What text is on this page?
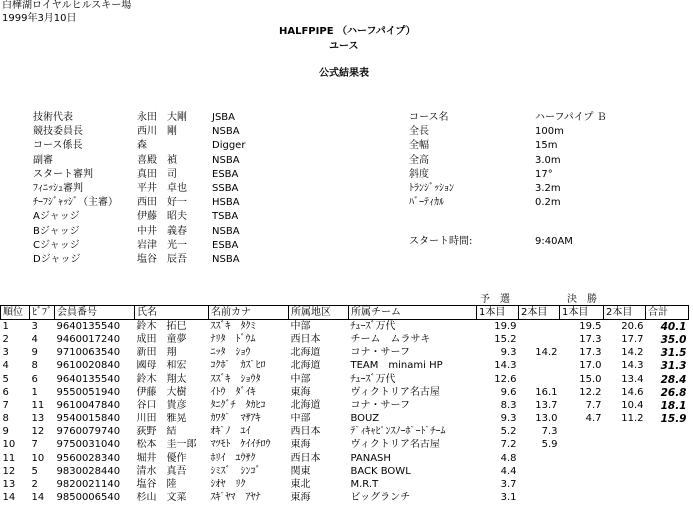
白樺湖ロイヤルヒルスキー場
1999年3月10日
HALFPIPE （ハーフパイプ）
ユース
公式結果表
技術代表	永田　大剛	JSBA
競技委員長	西川　剛	NSBA
コース係長	森	Digger
副審	喜殿　禎	NSBA
スタート審判	真田　司	ESBA
ﾌｨﾆｯｼｭ審判	平井　卓也	SSBA
ﾁｰﾌｼﾞｬｯｼﾞ（主審） 西田　好一	HSBA
Aジャッジ	伊藤　昭夫	TSBA
Bジャッジ	中井　義春	NSBA
Cジャッジ	岩津　光一	ESBA
Dジャッジ	塩谷　辰吾	NSBA
コース名	ハーフパイプ Ｂ
全長	100m
全幅	15m
全高	3.0m
斜度	17°
ﾄﾗﾝｼﾞｯｼｮﾝ	3.2m
ﾊﾞｰﾃｨｶﾙ	0.2m
スタート時間:	9:40AM
予　選	決　勝
順位	ﾋﾞﾌﾞ	会員番号	氏名	名前カナ	所属地区	所属チーム	1本目	2本目	1本目	2本目	合計
1	3	9640135540	鈴木　拓巳	ｽｽﾞｷ　ﾀｸﾐ	中部	ﾁｭｰｽﾞ万代	19.9		19.5	20.6	40.1
2	4	9460017240	成田　童夢	ﾅﾘﾀ　ﾄﾞｳﾑ	西日本	チーム　ムラサキ	15.2		17.3	17.7	35.0
3	9	9710063540	新田　翔	ﾆｯﾀ　ｼｮｳ	北海道	コナ・サーフ	9.3	14.2	17.3	14.2	31.5
4	8	9610020840	國母　和宏	ｺｸﾎﾞ　ｶｽﾞﾋﾛ	北海道	TEAM　minami HP	14.3		17.0	14.3	31.3
5	6	9640135540	鈴木　翔太	ｽｽﾞｷ　ｼｮｳﾀ	中部	ﾁｭｰｽﾞ万代	12.6		15.0	13.4	28.4
6	1	9550051940	伊藤　大樹	ｲﾄｳ　ﾀﾞｲｷ	東海	ヴィクトリア名古屋	9.6	16.1	12.2	14.6	26.8
7	11	9610047840	谷口　貴彦	ﾀﾆｸﾞﾁ　ﾀｶﾋｺ	北海道	コナ・サーフ	8.3	13.7	7.7	10.4	18.1
8	13	9540015840	川田　雅晃	ｶﾜﾀﾞ　ﾏｻｱｷ	中部	BOUZ	9.3	13.0	4.7	11.2	15.9
9	12	9760079740	荻野　結	ｵｷﾞﾉ　ﾕｲ	西日本	ﾃﾞｨｷｬﾋﾟﾝｽﾉｰﾎﾞｰﾄﾞﾁｰﾑ	5.2	7.3			
10	7	9750031040	松本　圭一郎	ﾏﾂﾓﾄ　ｹｲｲﾁﾛｳ	東海	ヴィクトリア名古屋	7.2	5.9			
11	10	9560028340	堀井　優作	ﾎﾘｲ　ﾕｳｻｸ	西日本	PANASH	4.8				
12	5	9830028440	清水　真吾	ｼﾐｽﾞ　ｼﾝｺﾞ	関東	BACK BOWL	4.4				
13	2	9820021140	塩谷　陸	ｼｵﾔ　ﾘｸ	東北	M.R.T	3.7				
14	14	9850006540	杉山　文菜	ｽｷﾞﾔﾏ　ｱﾔﾅ	東海	ビッグランチ	3.1				
